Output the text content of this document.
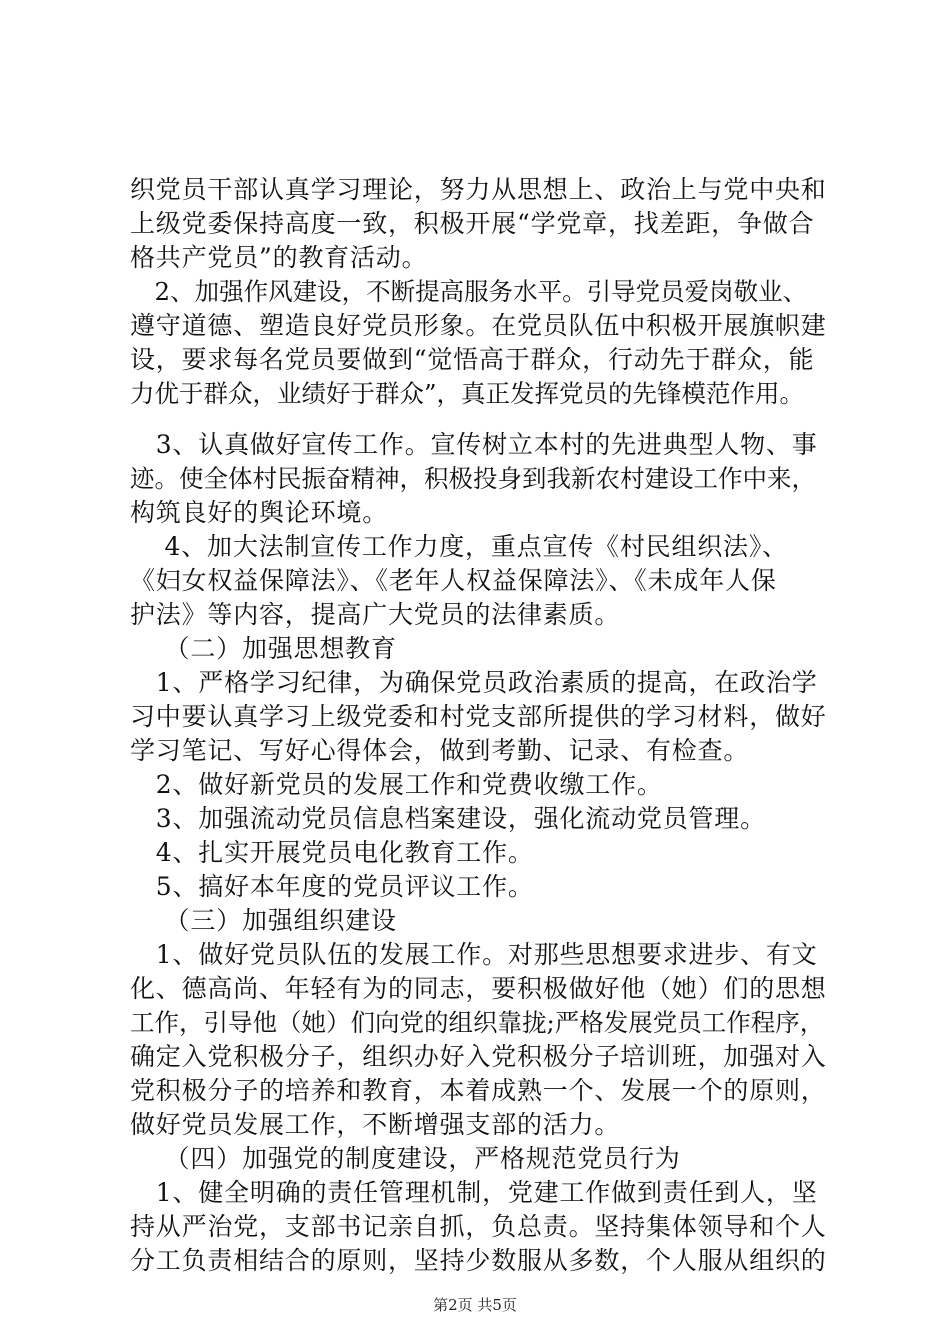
织党员干部认真学习理论，努力从思想上、政治上与党中央和
上级党委保持高度一致，积极开展“学党章，找差距，争做合
格共产党员”的教育活动。
　2、加强作风建设，不断提高服务水平。引导党员爱岗敬业、
遵守道德、塑造良好党员形象。在党员队伍中积极开展旗帜建
设，要求每名党员要做到“觉悟高于群众，行动先于群众，能
力优于群众，业绩好于群众”，真正发挥党员的先锋模范作用。
　3、认真做好宣传工作。宣传树立本村的先进典型人物、事
迹。使全体村民振奋精神，积极投身到我新农村建设工作中来，
构筑良好的舆论环境。
　 4、加大法制宣传工作力度，重点宣传《村民组织法》、
《妇女权益保障法》、《老年人权益保障法》、《未成年人保
护法》等内容，提高广大党员的法律素质。
　 （二）加强思想教育
　1、严格学习纪律，为确保党员政治素质的提高，在政治学
习中要认真学习上级党委和村党支部所提供的学习材料，做好
学习笔记、写好心得体会，做到考勤、记录、有检查。
　2、做好新党员的发展工作和党费收缴工作。
　3、加强流动党员信息档案建设，强化流动党员管理。
　4、扎实开展党员电化教育工作。
　5、搞好本年度的党员评议工作。
　 （三）加强组织建设
　1、做好党员队伍的发展工作。对那些思想要求进步、有文
化、德高尚、年轻有为的同志，要积极做好他（她）们的思想
工作，引导他（她）们向党的组织靠拢;严格发展党员工作程序，
确定入党积极分子，组织办好入党积极分子培训班，加强对入
党积极分子的培养和教育，本着成熟一个、发展一个的原则，
做好党员发展工作，不断增强支部的活力。
　 （四）加强党的制度建设，严格规范党员行为
　1、健全明确的责任管理机制，党建工作做到责任到人，坚
持从严治党，支部书记亲自抓，负总责。坚持集体领导和个人
分工负责相结合的原则，坚持少数服从多数，个人服从组织的
第2页 共5页
